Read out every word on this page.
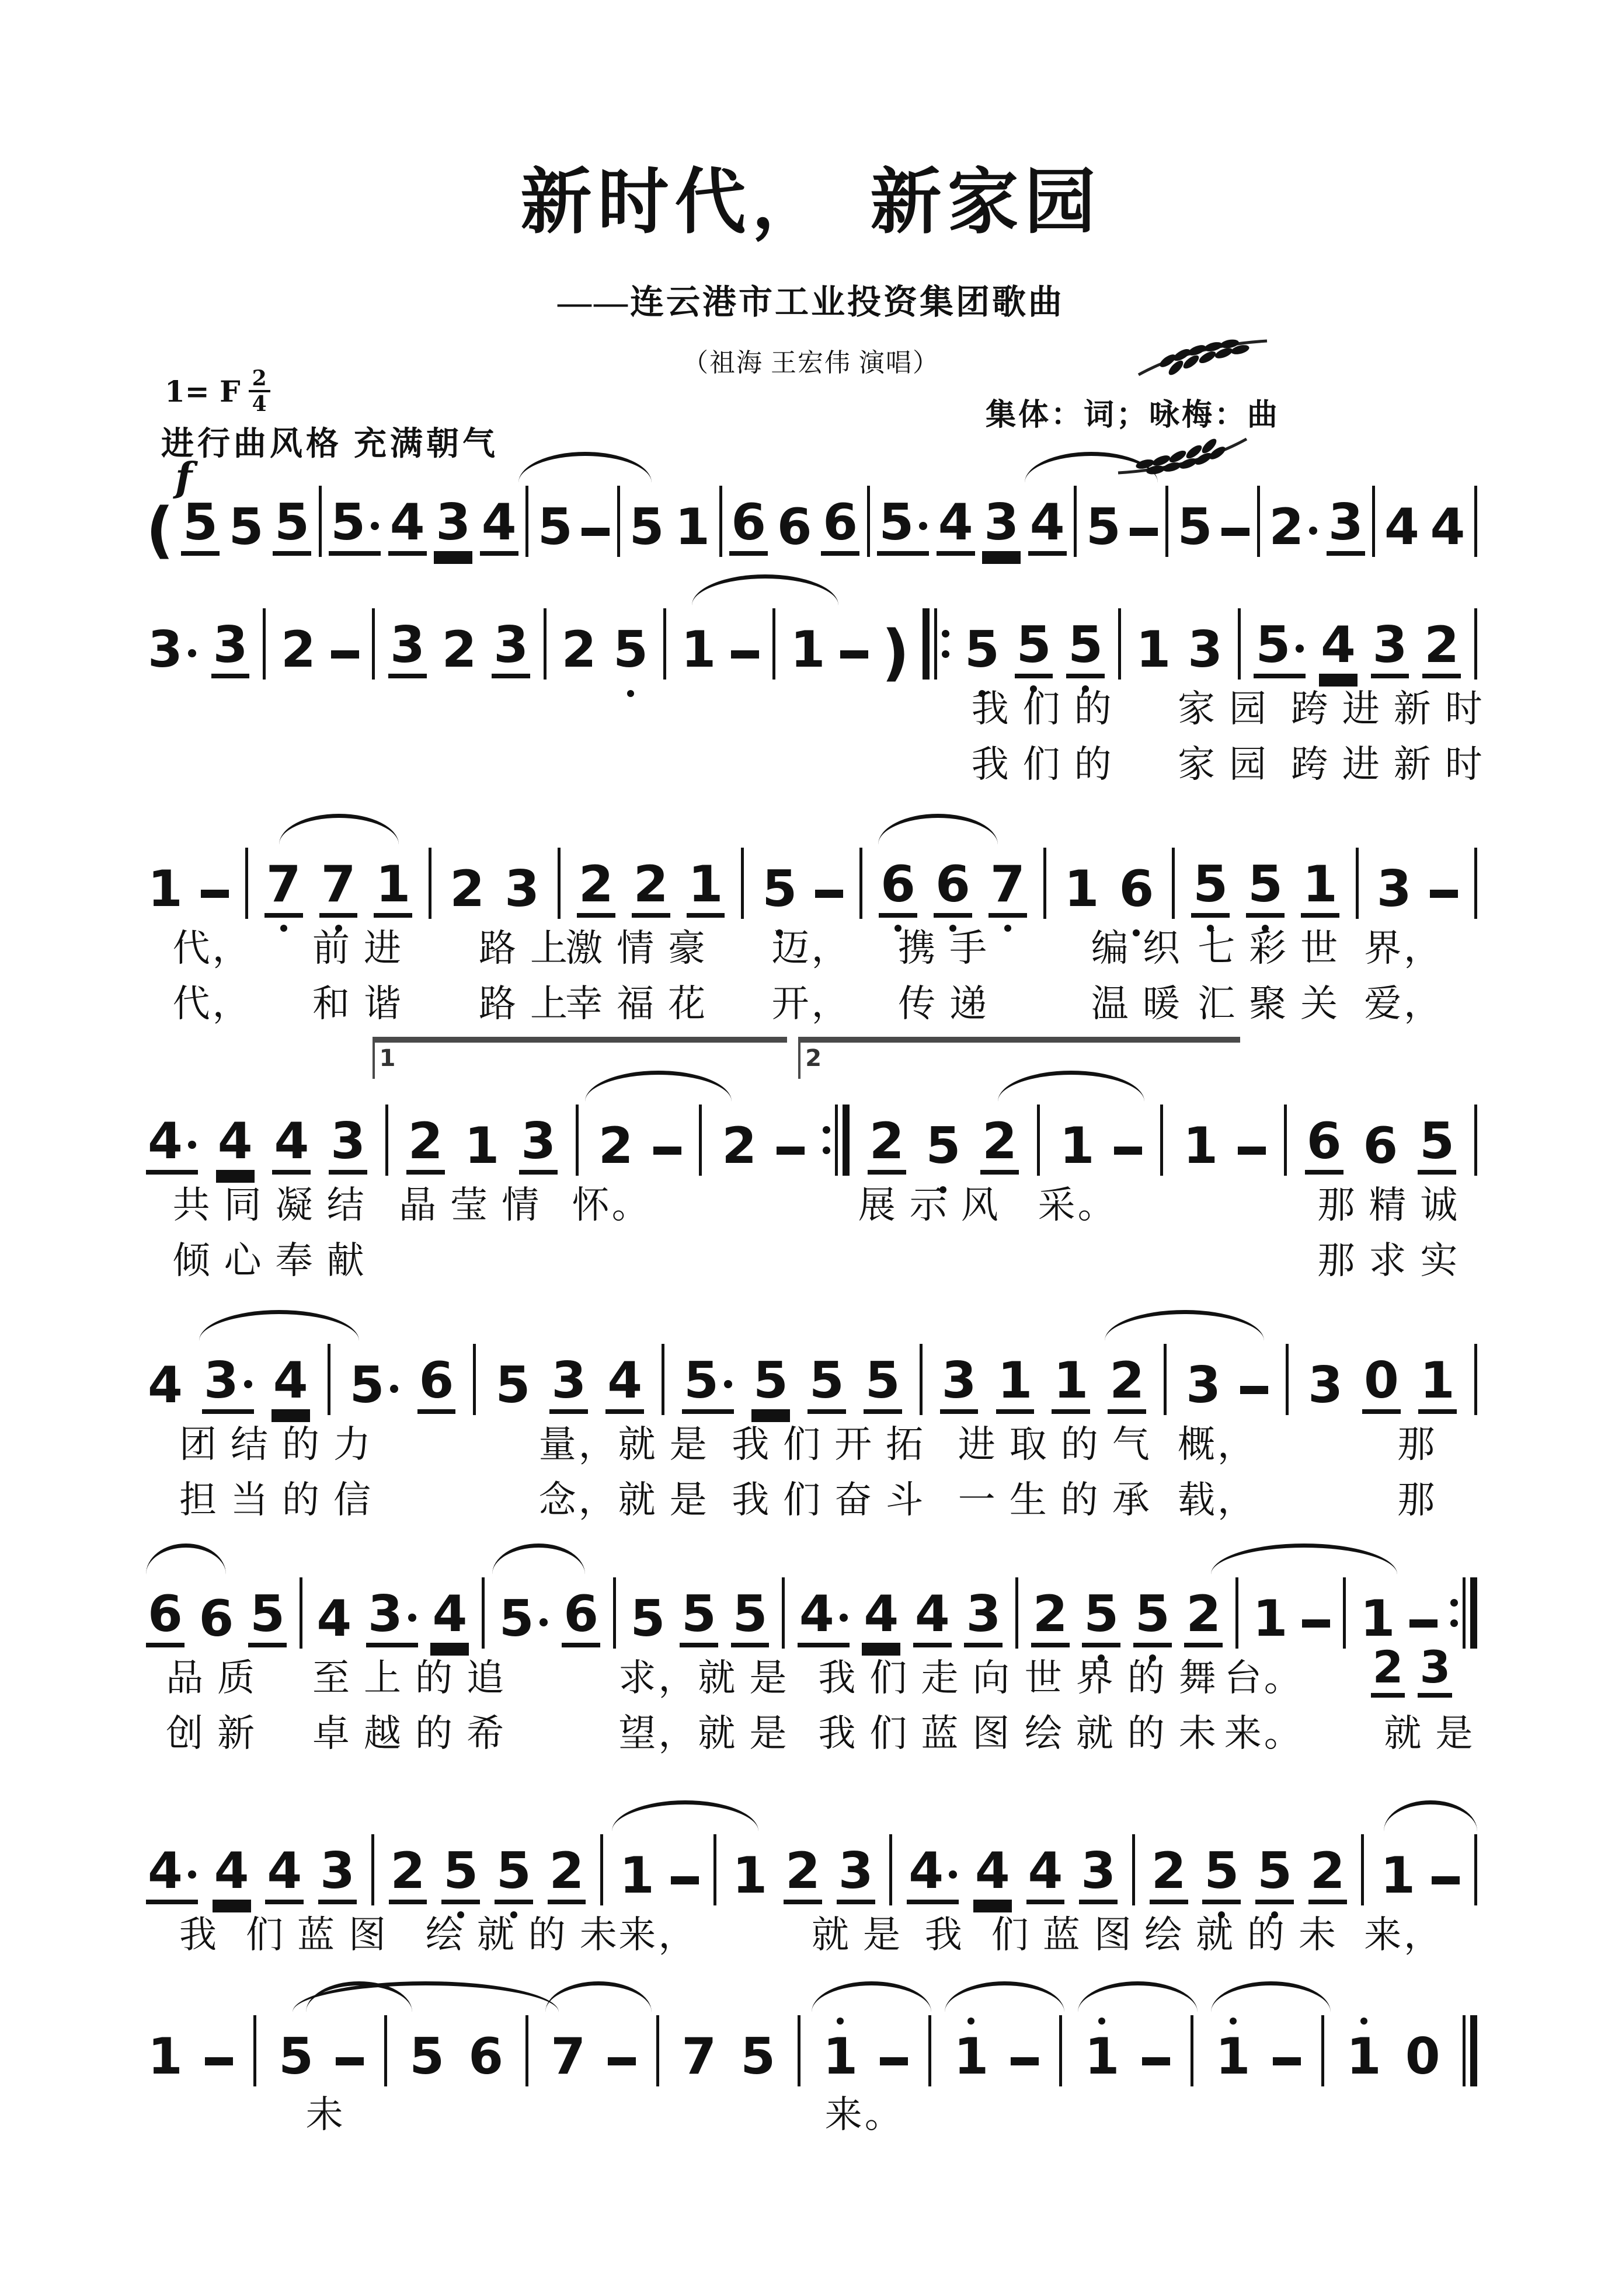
新时代，　新家园
——连云港市工业投资集团歌曲
（祖海 王宏伟 演唱）
1= F $\frac{2}{4}$
进行曲风格 充满朝气
f
集体：词；咏梅：曲
( 5 5 5 5 4 3 4 5 5 1 6 6 6 5 4 3 4 5 5 2 3 4 4
3 3 2 3 2 3 2 5 1 1 ) 5 5 5 1 3 5 4 3 2
我 们 的 家 园 跨 进 新 时
我 们 的 家 园 跨 进 新 时
1 7 7 1 2 3 2 2 1 5 6 6 7 1 6 5 5 1 3
代， 前 进 路 上
激 情 豪 迈， 携 手	编 织 七 彩 世 界，
代， 和 谐 路 上
幸 福 花 开， 传 递	温 暖 汇 聚 关 爱，
1	2
4 4 4 3 2 1 3 2 2 2 5 2 1 1 6 6 5
共 同 凝 结 晶 莹 情 怀。	展 示 风 采。	那 精 诚
倾 心 奉 献	那 求 实
4 3 4 5 6 5 3 4 5 5 5 5 3 1 1 2 3 3 0 1
团 结 的 力	量，就 是 我 们 开 拓 进 取 的 气 概，	那
担 当 的 信	念，就 是 我 们 奋 斗 一 生 的 承 载，	那
6 6 5 4 3 4 5 6 5 5 5 4 4 4 3 2 5 5 2 1 1
品 质 至 上 的 追	求，就 是 我 们 走 向 世 界 的 舞 台。
创 新 卓 越 的 希	望，就 是 我 们 蓝 图 绘 就 的 未 来。 就 是
2 3
4 4 4 3 2 5 5 2 1 1 2 3 4 4 4 3 2 5 5 2 1
我 们 蓝 图 绘 就 的 未
来，	就 是 我 们 蓝 图 绘 就 的 未 来，
1 5 5 6 7 7 5 1 1 1 1 1 0
未	来。
